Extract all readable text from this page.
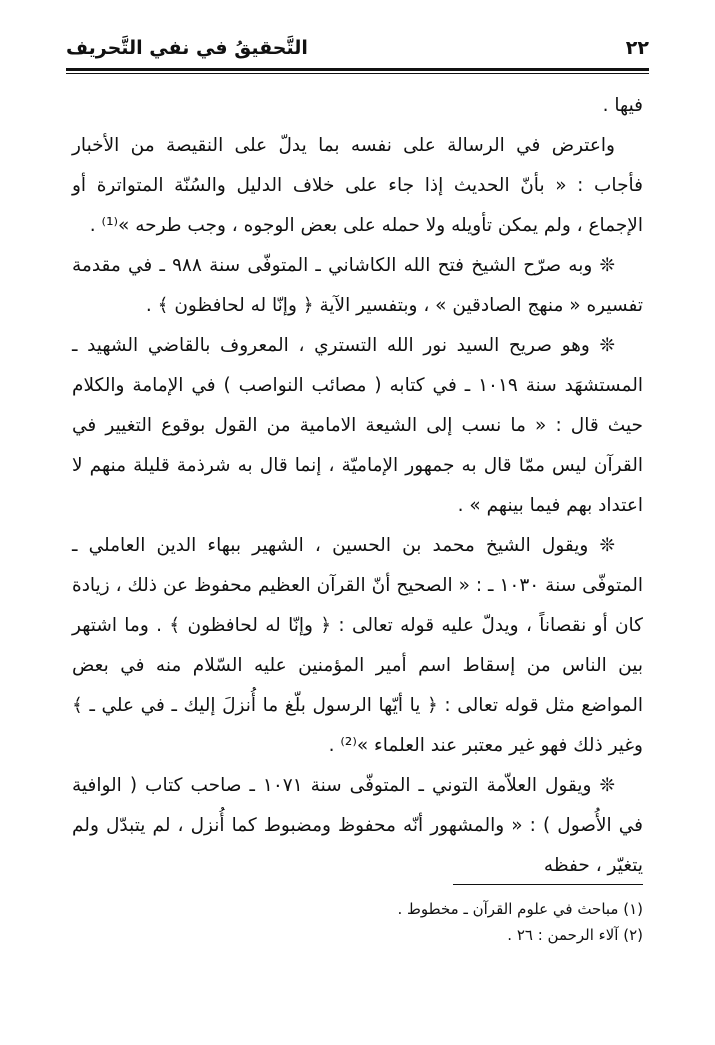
٢٢
التَّحقيقُ في نفي التَّحريف

فيها .

واعترض في الرسالة على نفسه بما يدلّ على النقيصة من الأخبار فأجاب : « بأنّ الحديث إذا جاء على خلاف الدليل والسُنّة المتواترة أو الإجماع ، ولم يمكن تأويله ولا حمله على بعض الوجوه ، وجب طرحه »⁽¹⁾ .

❊ وبه صرّح الشيخ فتح الله الكاشاني ـ المتوفّى سنة ٩٨٨ ـ في مقدمة تفسيره « منهج الصادقين » ، وبتفسير الآية ﴿ وإنّا له لحافظون ﴾ .

❊ وهو صريح السيد نور الله التستري ، المعروف بالقاضي الشهيد ـ المستشهَد سنة ١٠١٩ ـ في كتابه ( مصائب النواصب ) في الإمامة والكلام حيث قال : « ما نسب إلى الشيعة الامامية من القول بوقوع التغيير في القرآن ليس ممّا قال به جمهور الإماميّة ، إنما قال به شرذمة قليلة منهم لا اعتداد بهم فيما بينهم » .

❊ ويقول الشيخ محمد بن الحسين ، الشهير ببهاء الدين العاملي ـ المتوفّى سنة ١٠٣٠ ـ : « الصحيح أنّ القرآن العظيم محفوظ عن ذلك ، زيادة كان أو نقصاناً ، ويدلّ عليه قوله تعالى : ﴿ وإنّا له لحافظون ﴾ . وما اشتهر بين الناس من إسقاط اسم أمير المؤمنين عليه السّلام منه في بعض المواضع مثل قوله تعالى : ﴿ يا أيّها الرسول بلّغ ما أُنزلَ إليك ـ في علي ـ ﴾ وغير ذلك فهو غير معتبر عند العلماء »⁽²⁾ .

❊ ويقول العلاّمة التوني ـ المتوفّى سنة ١٠٧١ ـ صاحب كتاب ( الوافية في الأُصول ) : « والمشهور أنّه محفوظ ومضبوط كما أُنزل ، لم يتبدّل ولم يتغيّر ، حفظه

(١) مباحث في علوم القرآن ـ مخطوط .
(٢) آلاء الرحمن : ٢٦ .
